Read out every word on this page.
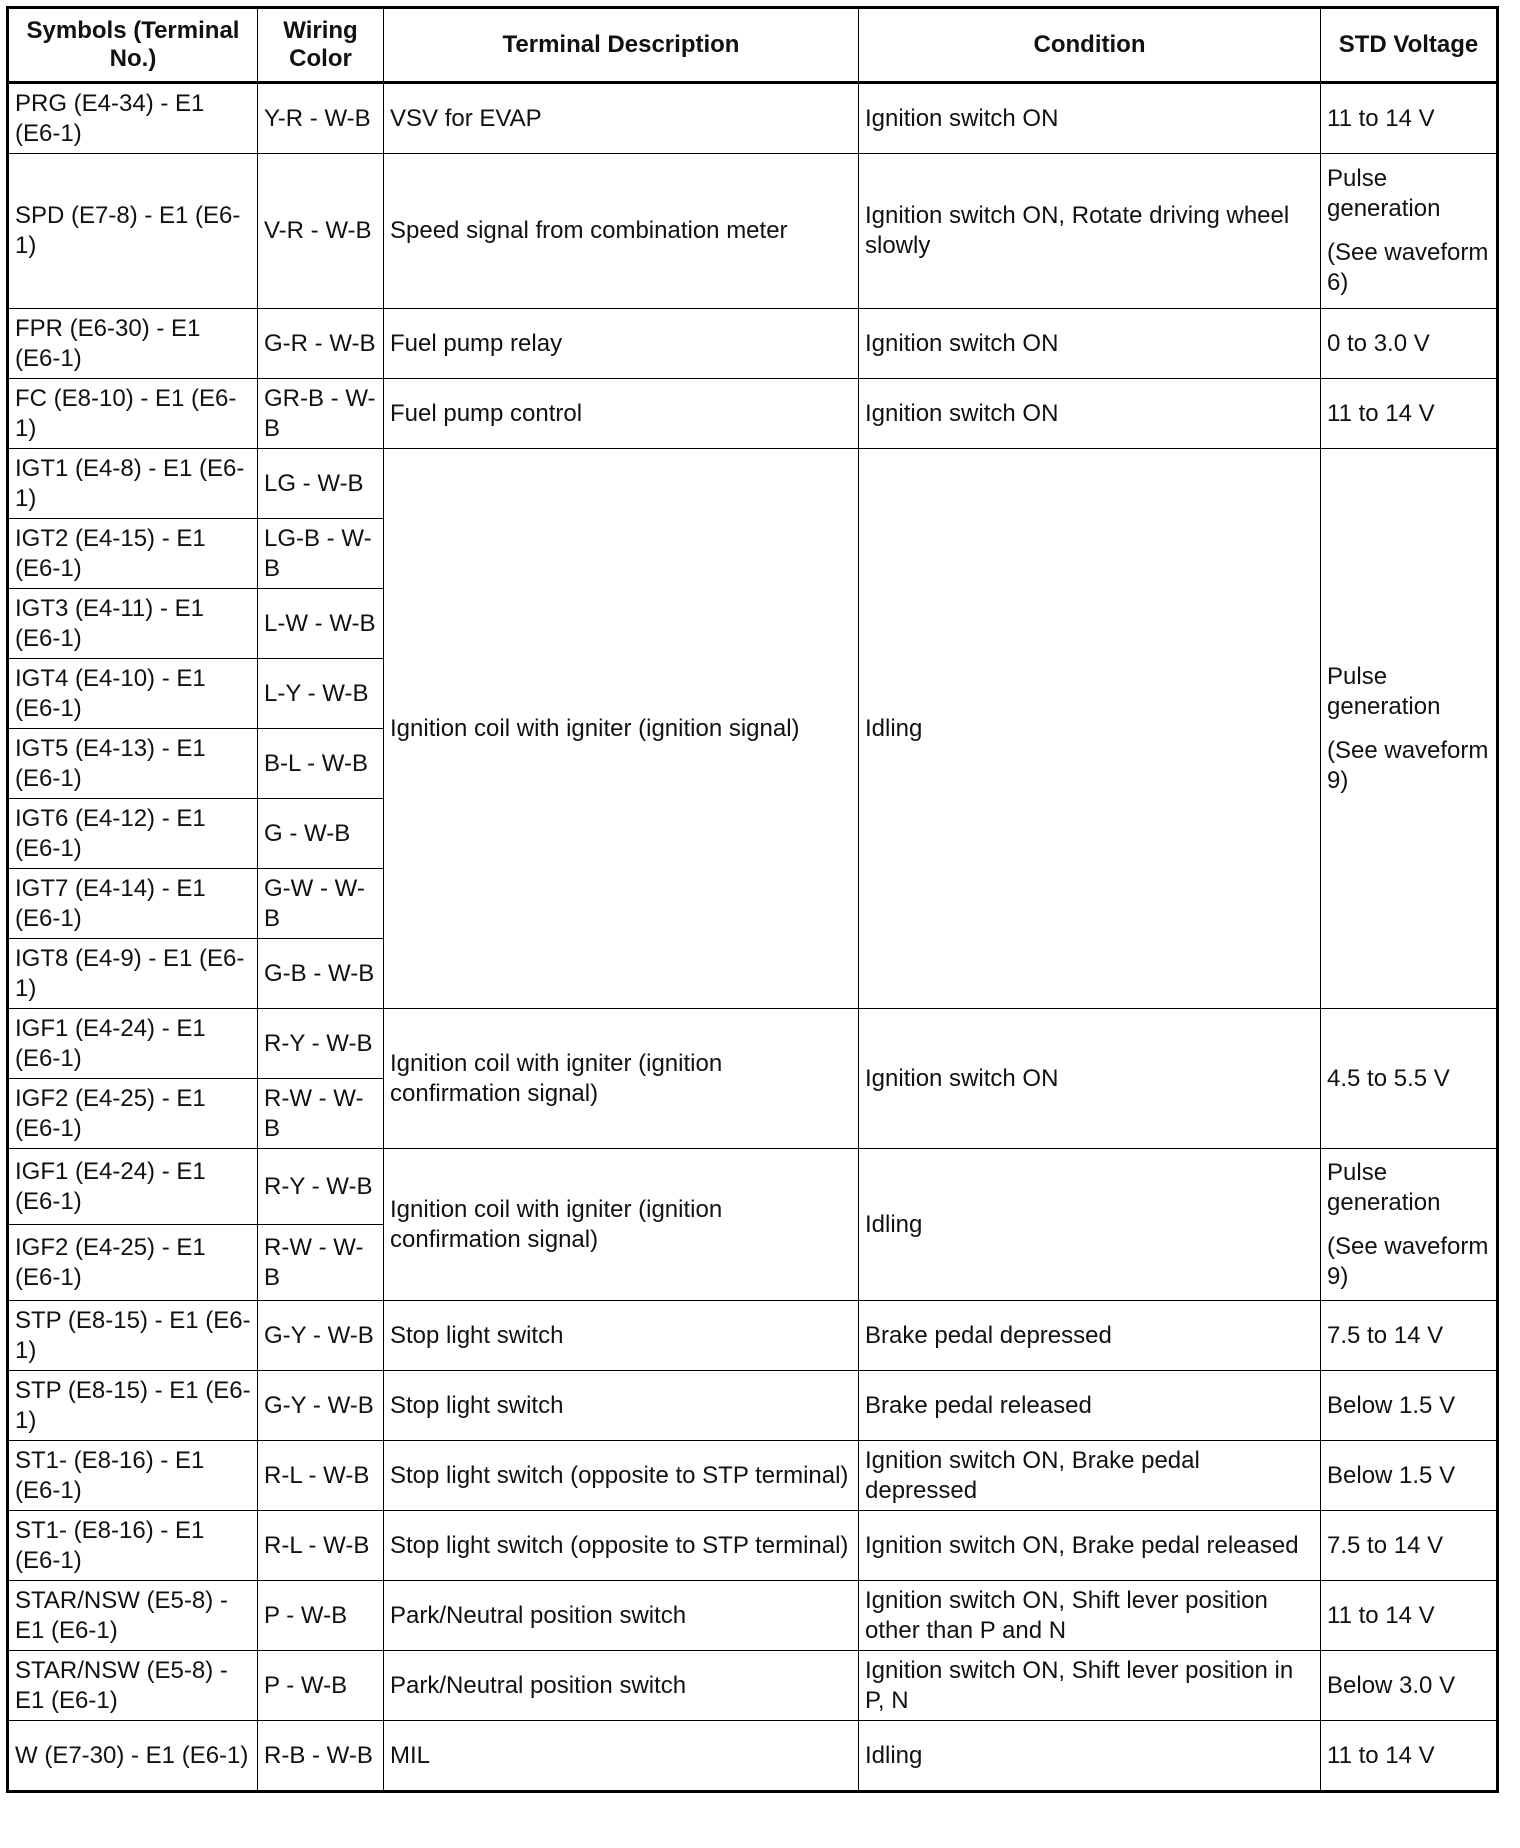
Symbols (Terminal No.)	Wiring Color	Terminal Description	Condition	STD Voltage
PRG (E4-34) - E1 (E6-1)	Y-R - W-B	VSV for EVAP	Ignition switch ON	11 to 14 V
SPD (E7-8) - E1 (E6-1)	V-R - W-B	Speed signal from combination meter	Ignition switch ON, Rotate driving wheel slowly	Pulse generation
(See waveform 6)

FPR (E6-30) - E1 (E6-1)	G-R - W-B	Fuel pump relay	Ignition switch ON	0 to 3.0 V
FC (E8-10) - E1 (E6-1)	GR-B - W-B	Fuel pump control	Ignition switch ON	11 to 14 V
IGT1 (E4-8) - E1 (E6-1)	LG - W-B	Ignition coil with igniter (ignition signal)	Idling	Pulse generation
(See waveform 9)

IGT2 (E4-15) - E1 (E6-1)	LG-B - W-B			
IGT3 (E4-11) - E1 (E6-1)	L-W - W-B			
IGT4 (E4-10) - E1 (E6-1)	L-Y - W-B			
IGT5 (E4-13) - E1 (E6-1)	B-L - W-B			
IGT6 (E4-12) - E1 (E6-1)	G - W-B			
IGT7 (E4-14) - E1 (E6-1)	G-W - W-B			
IGT8 (E4-9) - E1 (E6-1)	G-B - W-B			
IGF1 (E4-24) - E1 (E6-1)	R-Y - W-B	Ignition coil with igniter (ignition confirmation signal)	Ignition switch ON	4.5 to 5.5 V
IGF2 (E4-25) - E1 (E6-1)	R-W - W-B			
IGF1 (E4-24) - E1 (E6-1)	R-Y - W-B	Ignition coil with igniter (ignition confirmation signal)	Idling	Pulse generation
(See waveform 9)

IGF2 (E4-25) - E1 (E6-1)	R-W - W-B			
STP (E8-15) - E1 (E6-1)	G-Y - W-B	Stop light switch	Brake pedal depressed	7.5 to 14 V
STP (E8-15) - E1 (E6-1)	G-Y - W-B	Stop light switch	Brake pedal released	Below 1.5 V
ST1- (E8-16) - E1 (E6-1)	R-L - W-B	Stop light switch (opposite to STP terminal)	Ignition switch ON, Brake pedal depressed	Below 1.5 V
ST1- (E8-16) - E1 (E6-1)	R-L - W-B	Stop light switch (opposite to STP terminal)	Ignition switch ON, Brake pedal released	7.5 to 14 V
STAR/NSW (E5-8) - E1 (E6-1)	P - W-B	Park/Neutral position switch	Ignition switch ON, Shift lever position other than P and N	11 to 14 V
STAR/NSW (E5-8) - E1 (E6-1)	P - W-B	Park/Neutral position switch	Ignition switch ON, Shift lever position in P, N	Below 3.0 V
W (E7-30) - E1 (E6-1)	R-B - W-B	MIL	Idling	11 to 14 V
